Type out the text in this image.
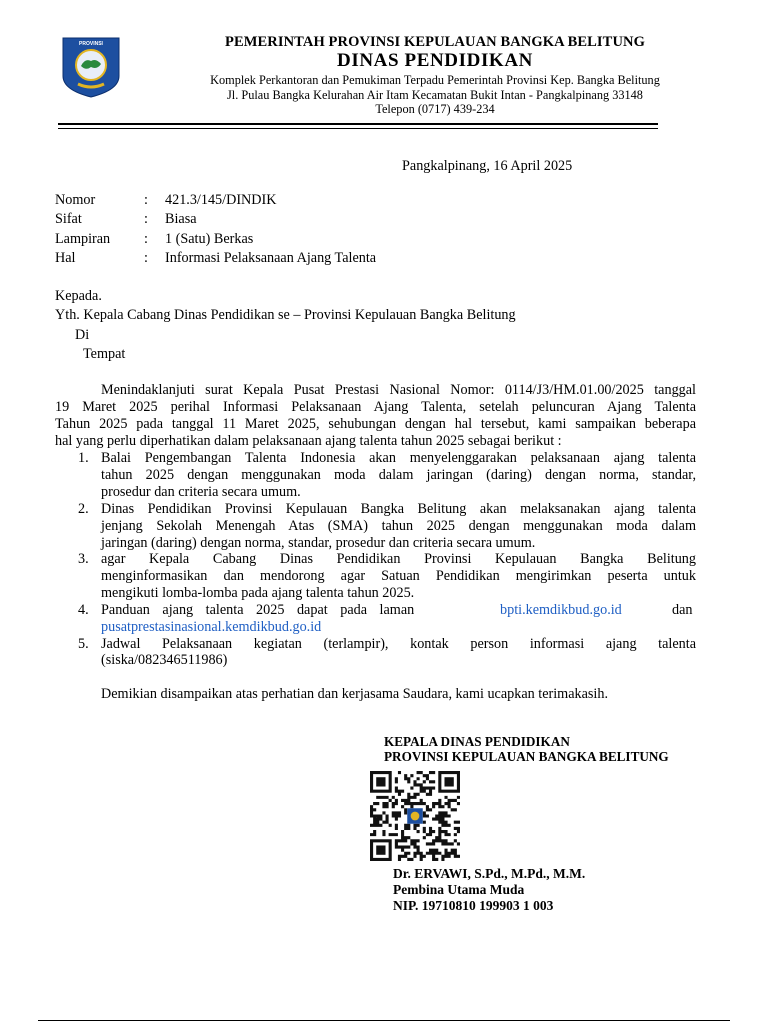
PROVINSI	PEMERINTAH PROVINSI KEPULAUAN BANGKA BELITUNG
DINAS PENDIDIKAN
Komplek Perkantoran dan Pemukiman Terpadu Pemerintah Provinsi Kep. Bangka Belitung
Jl. Pulau Bangka Kelurahan Air Itam Kecamatan Bukit Intan - Pangkalpinang 33148
Telepon (0717) 439-234
Pangkalpinang, 16 April 2025
Nomor	: 421.3/145/DINDIK
Sifat	: Biasa
Lampiran : 1 (Satu) Berkas
Hal	: Informasi Pelaksanaan Ajang Talenta
Kepada.
Yth. Kepala Cabang Dinas Pendidikan se – Provinsi Kepulauan Bangka Belitung
Di
Tempat
Menindaklanjuti surat Kepala Pusat Prestasi Nasional Nomor: 0114/J3/HM.01.00/2025 tanggal
19 Maret 2025 perihal Informasi Pelaksanaan Ajang Talenta, setelah peluncuran Ajang Talenta
Tahun 2025 pada tanggal 11 Maret 2025, sehubungan dengan hal tersebut, kami sampaikan beberapa
hal yang perlu diperhatikan dalam pelaksanaan ajang talenta tahun 2025 sebagai berikut :
1. Balai Pengembangan Talenta Indonesia akan menyelenggarakan pelaksanaan ajang talenta
tahun 2025 dengan menggunakan moda dalam jaringan (daring) dengan norma, standar,
prosedur dan criteria secara umum.
2. Dinas Pendidikan Provinsi Kepulauan Bangka Belitung akan melaksanakan ajang talenta
jenjang Sekolah Menengah Atas (SMA) tahun 2025 dengan menggunakan moda dalam
jaringan (daring) dengan norma, standar, prosedur dan criteria secara umum.
3. agar Kepala Cabang Dinas Pendidikan Provinsi Kepulauan Bangka Belitung
menginformasikan dan mendorong agar Satuan Pendidikan mengirimkan peserta untuk
mengikuti lomba-lomba pada ajang talenta tahun 2025.
4. Panduan ajang talenta 2025 dapat pada laman	bpti.kemdikbud.go.id	dan
pusatprestasinasional.kemdikbud.go.id
5. Jadwal Pelaksanaan kegiatan (terlampir), kontak person informasi ajang talenta
(siska/082346511986)
Demikian disampaikan atas perhatian dan kerjasama Saudara, kami ucapkan terimakasih.
KEPALA DINAS PENDIDIKAN
PROVINSI KEPULAUAN BANGKA BELITUNG
Dr. ERVAWI, S.Pd., M.Pd., M.M.
Pembina Utama Muda
NIP. 19710810 199903 1 003
